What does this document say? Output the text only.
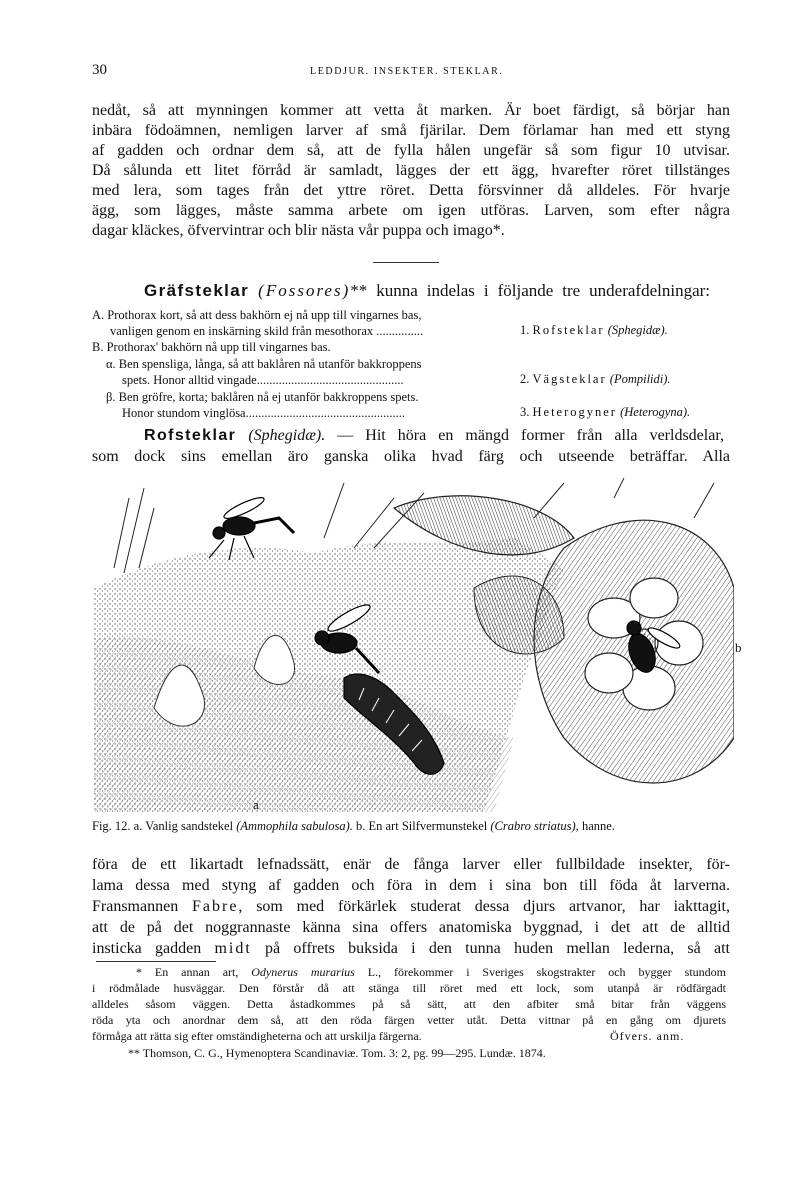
30	LEDDJUR. INSEKTER. STEKLAR.
nedåt, så att mynningen kommer att vetta åt marken. Är boet färdigt, så börjar han
inbära födoämnen, nemligen larver af små fjärilar. Dem förlamar han med ett styng
af gadden och ordnar dem så, att de fylla hålen ungefär så som figur 10 utvisar.
Då sålunda ett litet förråd är samladt, lägges der ett ägg, hvarefter röret tillstänges
med lera, som tages från det yttre röret. Detta försvinner då alldeles. För hvarje
ägg, som lägges, måste samma arbete om igen utföras. Larven, som efter några
dagar kläckes, öfvervintrar och blir nästa vår puppa och imago*.
Gräfsteklar (Fossores)** kunna indelas i följande tre underafdelningar:
A. Prothorax kort, så att dess bakhörn ej nå upp till vingarnes bas,
vanligen genom en inskärning skild från mesothorax ...............	1. Rofsteklar (Sphegidæ).
B. Prothorax' bakhörn nå upp till vingarnes bas.
α. Ben spensliga, långa, så att baklåren nå utanför bakkroppens
spets. Honor alltid vingade...............................................	2. Vägsteklar (Pompilidi).
β. Ben gröfre, korta; baklåren nå ej utanför bakkroppens spets.
Honor stundom vinglösa...................................................	3. Heterogyner (Heterogyna).
Rofsteklar (Sphegidæ). — Hit höra en mängd former från alla verldsdelar,
som dock sins emellan äro ganska olika hvad färg och utseende beträffar. Alla
a
b
Fig. 12. a. Vanlig sandstekel (Ammophila sabulosa). b. En art Silfvermunstekel (Crabro striatus), hanne.
föra de ett likartadt lefnadssätt, enär de fånga larver eller fullbildade insekter, för-
lama dessa med styng af gadden och föra in dem i sina bon till föda åt larverna.
Fransmannen Fabre, som med förkärlek studerat dessa djurs artvanor, har iakttagit,
att de på det noggrannaste känna sina offers anatomiska byggnad, i det att de alltid
insticka gadden midt på offrets buksida i den tunna huden mellan lederna, så att
* En annan art, Odynerus murarius L., förekommer i Sveriges skogstrakter och bygger stundom
i rödmålade husväggar. Den förstår då att stänga till röret med ett lock, som utanpå är rödfärgadt
alldeles såsom väggen. Detta åstadkommes på så sätt, att den afbiter små bitar från väggens
röda yta och anordnar dem så, att den röda färgen vetter utåt. Detta vittnar på en gång om djurets
förmåga att rätta sig efter omständigheterna och att urskilja färgerna.	Öfvers. anm.
** Thomson, C. G., Hymenoptera Scandinaviæ. Tom. 3: 2, pg. 99—295. Lundæ. 1874.
